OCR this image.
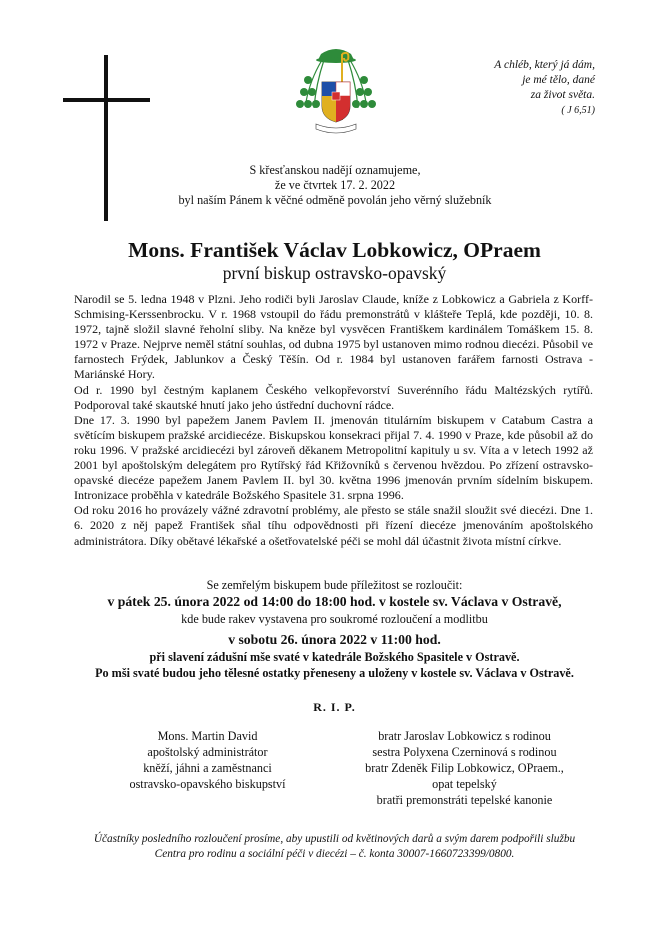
A chléb, který já dám,
je mé tělo, dané
za život světa.
( J 6,51)
S křesťanskou nadějí oznamujeme,
že ve čtvrtek 17. 2. 2022
byl naším Pánem k věčné odměně povolán jeho věrný služebník
Mons. František Václav Lobkowicz, OPraem
první biskup ostravsko-opavský

Narodil se 5. ledna 1948 v Plzni. Jeho rodiči byli Jaroslav Claude, kníže z Lobkowicz a Gabriela z Korff-Schmising-Kerssenbrocku. V r. 1968 vstoupil do řádu premonstrátů v klášteře Teplá, kde později, 10. 8. 1972, tajně složil slavné řeholní sliby. Na kněze byl vysvěcen Františkem kardinálem Tomáškem 15. 8. 1972 v Praze. Nejprve neměl státní souhlas, od dubna 1975 byl ustanoven mimo rodnou diecézi. Působil ve farnostech Frýdek, Jablunkov a Český Těšín. Od r. 1984 byl ustanoven farářem farnosti Ostrava - Mariánské Hory.

Od r. 1990 byl čestným kaplanem Českého velkopřevorství Suverénního řádu Maltézských rytířů. Podporoval také skautské hnutí jako jeho ústřední duchovní rádce.

Dne 17. 3. 1990 byl papežem Janem Pavlem II. jmenován titulárním biskupem v Catabum Castra a světícím biskupem pražské arcidiecéze. Biskupskou konsekraci přijal 7. 4. 1990 v Praze, kde působil až do roku 1996. V pražské arcidiecézi byl zároveň děkanem Metropolitní kapituly u sv. Víta a v letech 1992 až 2001 byl apoštolským delegátem pro Rytířský řád Křižovníků s červenou hvězdou. Po zřízení ostravsko-opavské diecéze papežem Janem Pavlem II. byl 30. května 1996 jmenován prvním sídelním biskupem. Intronizace proběhla v katedrále Božského Spasitele 31. srpna 1996.

Od roku 2016 ho provázely vážné zdravotní problémy, ale přesto se stále snažil sloužit své diecézi. Dne 1. 6. 2020 z něj papež František sňal tíhu odpovědnosti při řízení diecéze jmenováním apoštolského administrátora. Díky obětavé lékařské a ošetřovatelské péči se mohl dál účastnit života místní církve.

Se zemřelým biskupem bude příležitost se rozloučit:
v pátek 25. února 2022 od 14:00 do 18:00 hod. v kostele sv. Václava v Ostravě,
kde bude rakev vystavena pro soukromé rozloučení a modlitbu
v sobotu 26. února 2022 v 11:00 hod.
při slavení zádušní mše svaté v katedrále Božského Spasitele v Ostravě.
Po mši svaté budou jeho tělesné ostatky přeneseny a uloženy v kostele sv. Václava v Ostravě.
R. I. P.
Mons. Martin David
apoštolský administrátor
kněží, jáhni a zaměstnanci
ostravsko-opavského biskupství
bratr Jaroslav Lobkowicz s rodinou
sestra Polyxena Czerninová s rodinou
bratr Zdeněk Filip Lobkowicz, OPraem.,
opat tepelský
bratři premonstráti tepelské kanonie
Účastníky posledního rozloučení prosíme, aby upustili od květinových darů a svým darem podpořili službu
Centra pro rodinu a sociální péči v diecézi – č. konta 30007-1660723399/0800.
